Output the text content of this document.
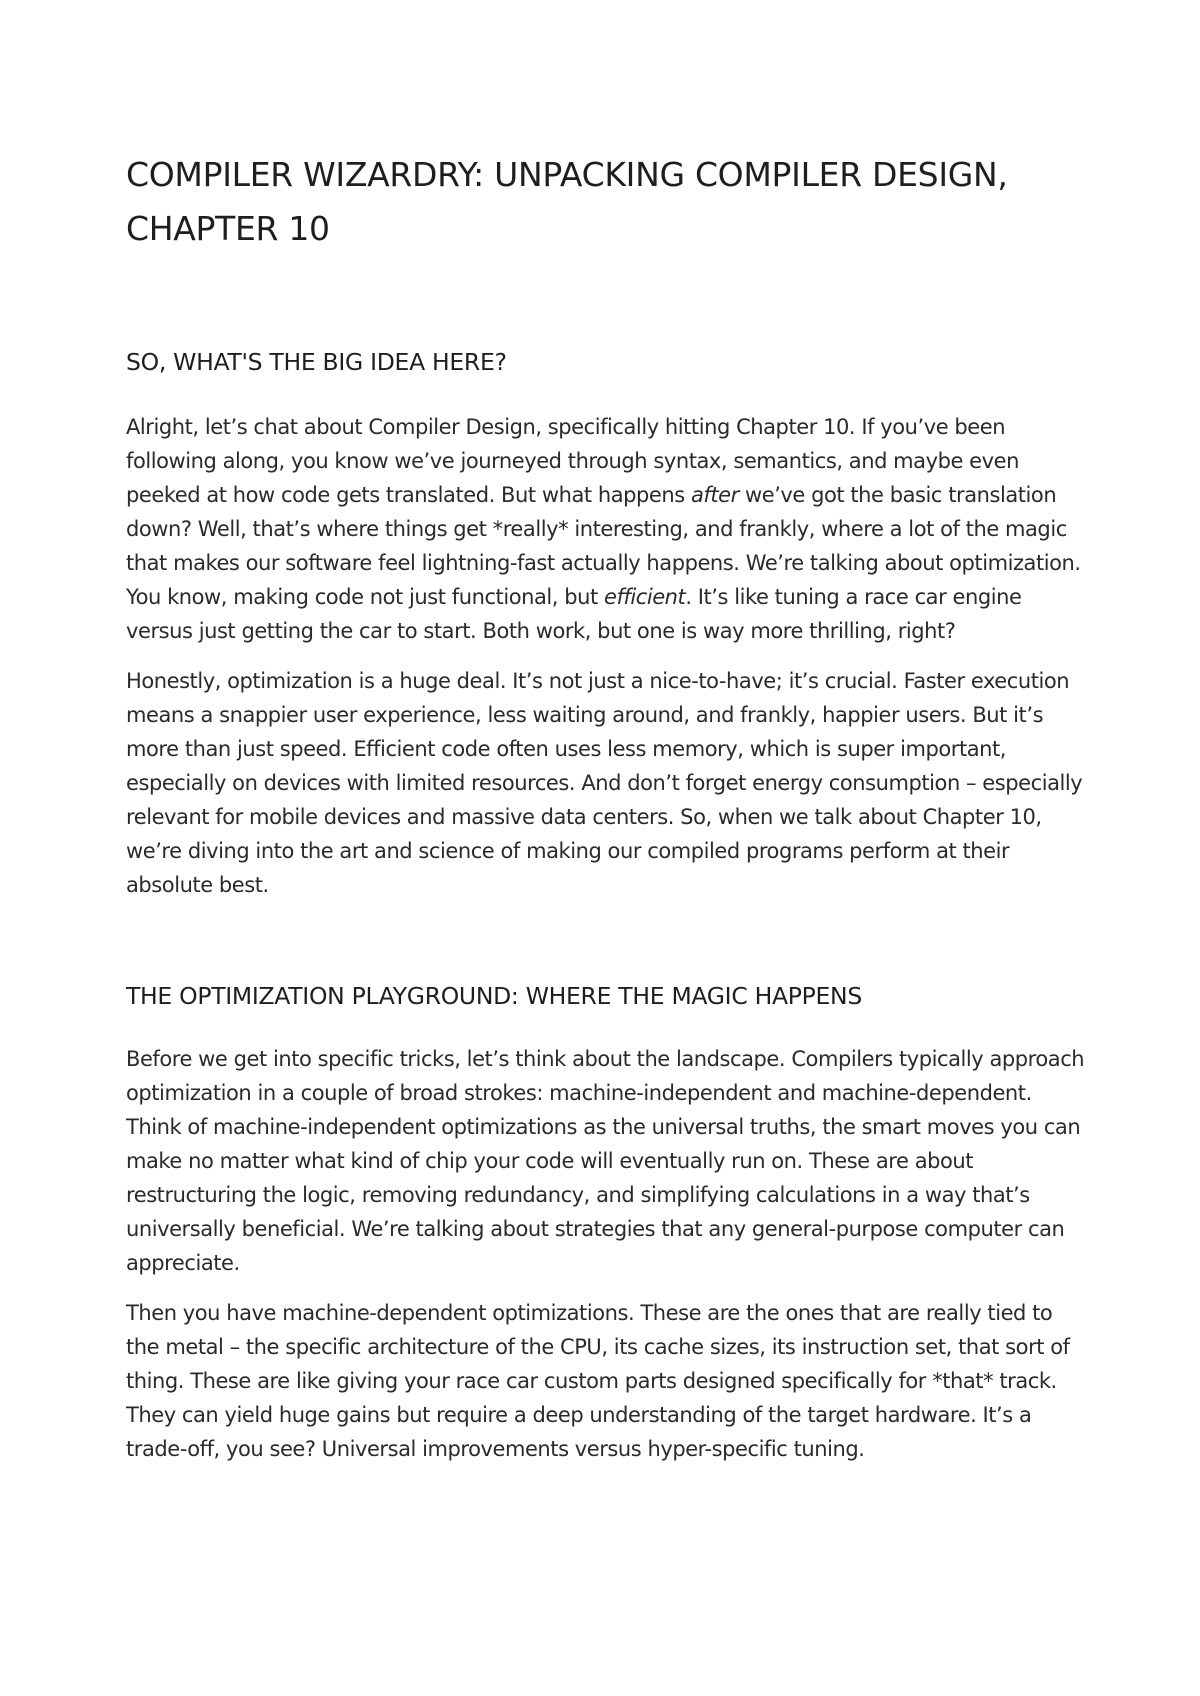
COMPILER WIZARDRY: UNPACKING COMPILER DESIGN, CHAPTER 10
SO, WHAT'S THE BIG IDEA HERE?

Alright, let’s chat about Compiler Design, specifically hitting Chapter 10. If you’ve been following along, you know we’ve journeyed through syntax, semantics, and maybe even peeked at how code gets translated. But what happens after we’ve got the basic translation down? Well, that’s where things get *really* interesting, and frankly, where a lot of the magic that makes our software feel lightning-fast actually happens. We’re talking about optimization. You know, making code not just functional, but efficient. It’s like tuning a race car engine versus just getting the car to start. Both work, but one is way more thrilling, right?

Honestly, optimization is a huge deal. It’s not just a nice-to-have; it’s crucial. Faster execution means a snappier user experience, less waiting around, and frankly, happier users. But it’s more than just speed. Efficient code often uses less memory, which is super important, especially on devices with limited resources. And don’t forget energy consumption – especially relevant for mobile devices and massive data centers. So, when we talk about Chapter 10, we’re diving into the art and science of making our compiled programs perform at their absolute best.

THE OPTIMIZATION PLAYGROUND: WHERE THE MAGIC HAPPENS

Before we get into specific tricks, let’s think about the landscape. Compilers typically approach optimization in a couple of broad strokes: machine-independent and machine-dependent. Think of machine-independent optimizations as the universal truths, the smart moves you can make no matter what kind of chip your code will eventually run on. These are about restructuring the logic, removing redundancy, and simplifying calculations in a way that’s universally beneficial. We’re talking about strategies that any general-purpose computer can appreciate.

Then you have machine-dependent optimizations. These are the ones that are really tied to the metal – the specific architecture of the CPU, its cache sizes, its instruction set, that sort of thing. These are like giving your race car custom parts designed specifically for *that* track. They can yield huge gains but require a deep understanding of the target hardware. It’s a trade-off, you see? Universal improvements versus hyper-specific tuning.
